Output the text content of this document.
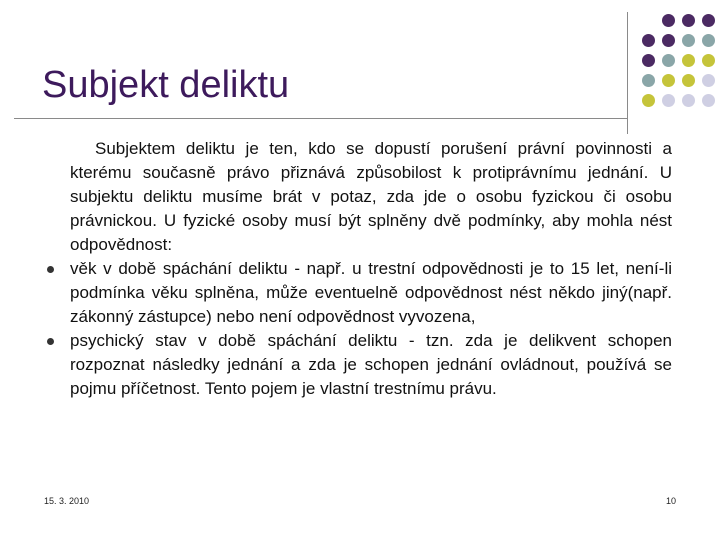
Subjekt deliktu

Subjektem deliktu je ten, kdo se dopustí porušení právní povinnosti a kterému současně právo přiznává způsobilost k protiprávnímu jednání. U subjektu deliktu musíme brát v potaz, zda jde o osobu fyzickou či osobu právnickou. U fyzické osoby musí být splněny dvě podmínky, aby mohla nést odpovědnost:

věk v době spáchání deliktu - např. u trestní odpovědnosti je to 15 let, není-li podmínka věku splněna, může eventuelně odpovědnost nést někdo jiný(např. zákonný zástupce) nebo není odpovědnost vyvozena,
psychický stav v době spáchání deliktu - tzn. zda je delikvent schopen rozpoznat následky jednání a zda je schopen jednání ovládnout, používá se pojmu příčetnost. Tento pojem je vlastní trestnímu právu.
15. 3. 2010	10
